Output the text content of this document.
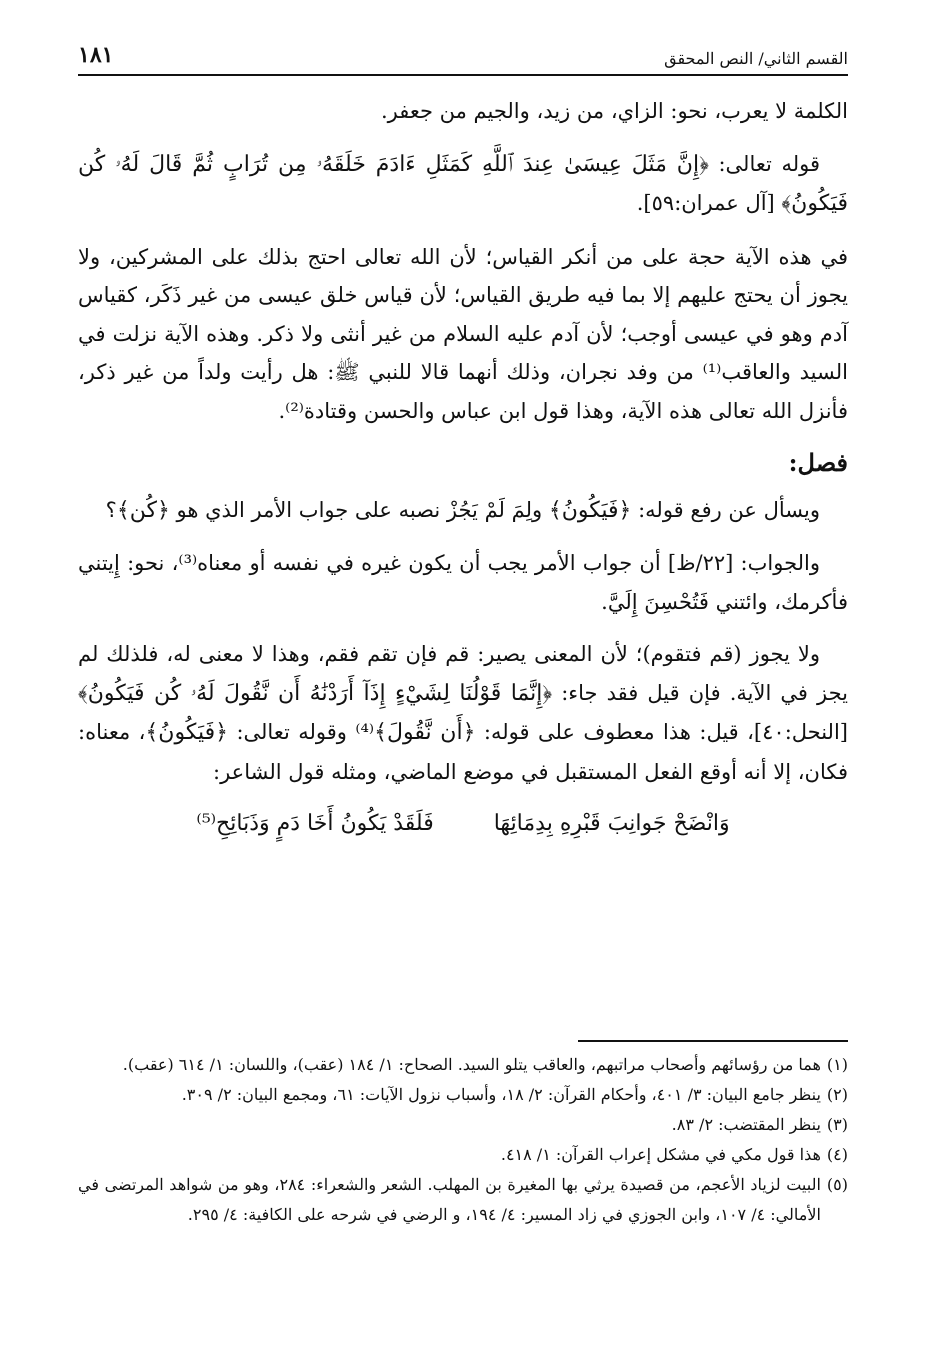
القسم الثاني/ النص المحقق
١٨١

الكلمة لا يعرب، نحو: الزاي، من زيد، والجيم من جعفر.

قوله تعالى: ﴿إِنَّ مَثَلَ عِيسَىٰ عِندَ ٱللَّهِ كَمَثَلِ ءَادَمَ خَلَقَهُۥ مِن تُرَابٍ ثُمَّ قَالَ لَهُۥ كُن فَيَكُونُ﴾ [آل عمران:٥٩].

في هذه الآية حجة على من أنكر القياس؛ لأن الله تعالى احتج بذلك على المشركين، ولا يجوز أن يحتج عليهم إلا بما فيه طريق القياس؛ لأن قياس خلق عيسى من غير ذَكَر، كقياس آدم وهو في عيسى أوجب؛ لأن آدم عليه السلام من غير أنثى ولا ذكر. وهذه الآية نزلت في السيد والعاقب⁽¹⁾ من وفد نجران، وذلك أنهما قالا للنبي ﷺ: هل رأيت ولداً من غير ذكر، فأنزل الله تعالى هذه الآية، وهذا قول ابن عباس والحسن وقتادة⁽²⁾.

فصل:

ويسأل عن رفع قوله: ﴿فَيَكُونُ﴾ ولِمَ لَمْ يَجُزْ نصبه على جواب الأمر الذي هو ﴿كُن﴾؟

والجواب: [٢٢/ظ] أن جواب الأمر يجب أن يكون غيره في نفسه أو معناه⁽³⁾، نحو: إِيتني فأكرمك، وائتني فَتُحْسِنَ إِلَيَّ.

ولا يجوز (قم فتقوم)؛ لأن المعنى يصير: قم فإن تقم فقم، وهذا لا معنى له، فلذلك لم يجز في الآية. فإن قيل فقد جاء: ﴿إِنَّمَا قَوْلُنَا لِشَيْءٍ إِذَآ أَرَدْنَٰهُ أَن نَّقُولَ لَهُۥ كُن فَيَكُونُ﴾ [النحل:٤٠]، قيل: هذا معطوف على قوله: ﴿أَن نَّقُولَ﴾⁽⁴⁾ وقوله تعالى: ﴿فَيَكُونُ﴾، معناه: فكان، إلا أنه أوقع الفعل المستقبل في موضع الماضي، ومثله قول الشاعر:

وَانْضَحْ جَوانِبَ قَبْرِهِ بِدِمَائِهَا
فَلَقَدْ يَكُونُ أَخَا دَمٍ وَذَبَائِحِ⁽⁵⁾
(١)
هما من رؤسائهم وأصحاب مراتبهم، والعاقب يتلو السيد. الصحاح: ١/ ١٨٤ (عقب)، واللسان: ١/ ٦١٤ (عقب).
(٢)
ينظر جامع البيان: ٣/ ٤٠١، وأحكام القرآن: ٢/ ١٨، وأسباب نزول الآيات: ٦١، ومجمع البيان: ٢/ ٣٠٩.
(٣)
ينظر المقتضب: ٢/ ٨٣.
(٤)
هذا قول مكي في مشكل إعراب القرآن: ١/ ٤١٨.
(٥)
البيت لزياد الأعجم، من قصيدة يرثي بها المغيرة بن المهلب. الشعر والشعراء: ٢٨٤، وهو من شواهد المرتضى في الأمالي: ٤/ ١٠٧، وابن الجوزي في زاد المسير: ٤/ ١٩٤، و الرضي في شرحه على الكافية: ٤/ ٢٩٥.
